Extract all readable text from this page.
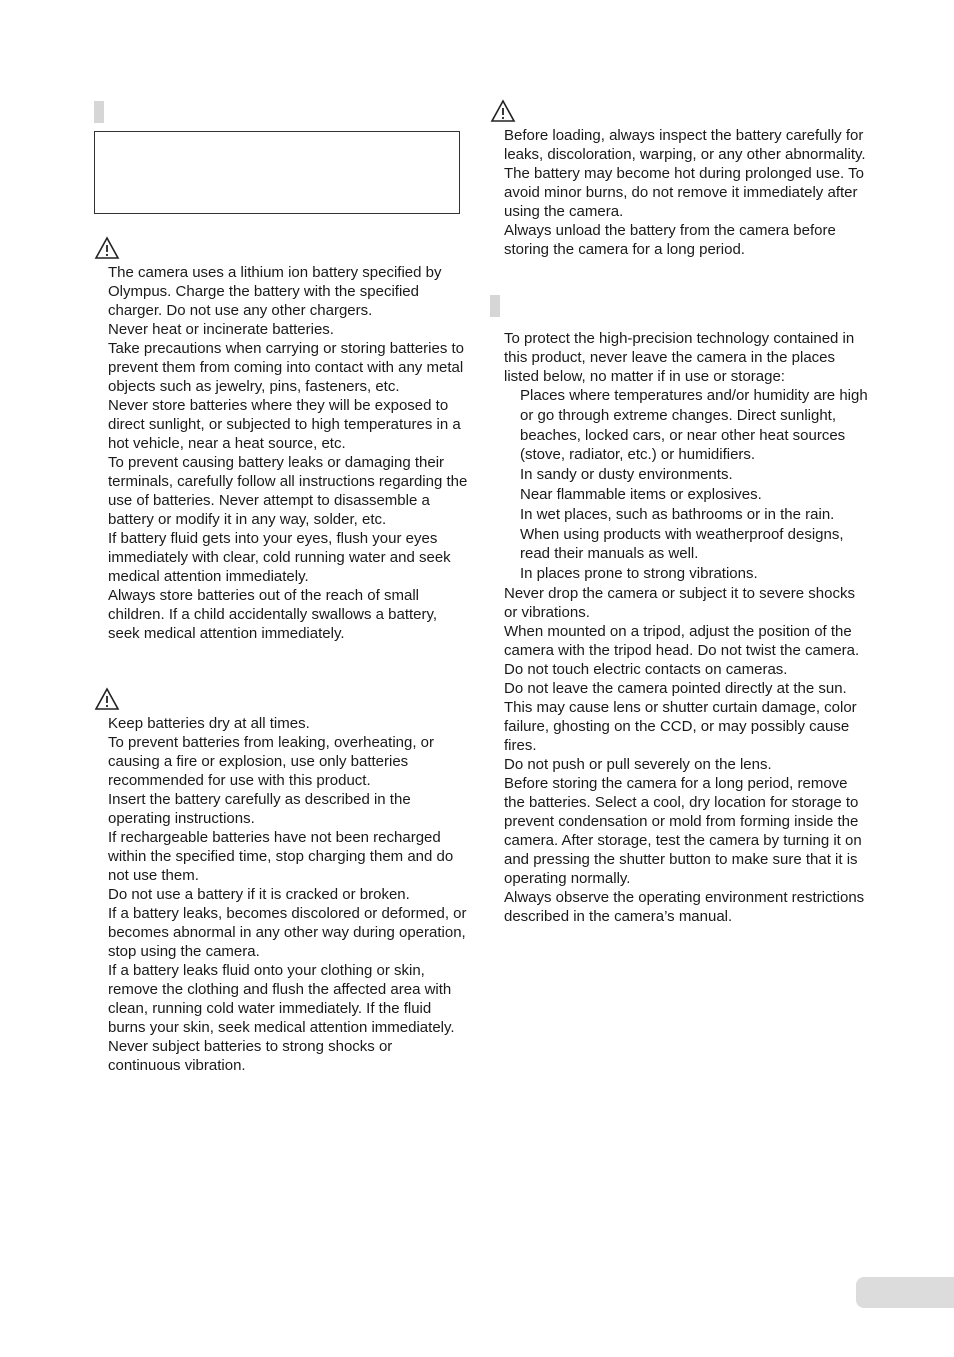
The camera uses a lithium ion battery specified by Olympus. Charge the battery with the specified charger. Do not use any other chargers.

Never heat or incinerate batteries.

Take precautions when carrying or storing batteries to prevent them from coming into contact with any metal objects such as jewelry, pins, fasteners, etc.

Never store batteries where they will be exposed to direct sunlight, or subjected to high temperatures in a hot vehicle, near a heat source, etc.

To prevent causing battery leaks or damaging their terminals, carefully follow all instructions regarding the use of batteries. Never attempt to disassemble a battery or modify it in any way, solder, etc.

If battery fluid gets into your eyes, flush your eyes immediately with clear, cold running water and seek medical attention immediately.

Always store batteries out of the reach of small children. If a child accidentally swallows a battery, seek medical attention immediately.

Keep batteries dry at all times.

To prevent batteries from leaking, overheating, or causing a fire or explosion, use only batteries recommended for use with this product.

Insert the battery carefully as described in the operating instructions.

If rechargeable batteries have not been recharged within the specified time, stop charging them and do not use them.

Do not use a battery if it is cracked or broken.

If a battery leaks, becomes discolored or deformed, or becomes abnormal in any other way during operation, stop using the camera.

If a battery leaks fluid onto your clothing or skin, remove the clothing and flush the affected area with clean, running cold water immediately. If the fluid burns your skin, seek medical attention immediately.

Never subject batteries to strong shocks or continuous vibration.

Before loading, always inspect the battery carefully for leaks, discoloration, warping, or any other abnormality.

The battery may become hot during prolonged use. To avoid minor burns, do not remove it immediately after using the camera.

Always unload the battery from the camera before storing the camera for a long period.

To protect the high-precision technology contained in this product, never leave the camera in the places listed below, no matter if in use or storage:

Places where temperatures and/or humidity are high or go through extreme changes. Direct sunlight, beaches, locked cars, or near other heat sources (stove, radiator, etc.) or humidifiers.

In sandy or dusty environments.

Near flammable items or explosives.

In wet places, such as bathrooms or in the rain. When using products with weatherproof designs, read their manuals as well.

In places prone to strong vibrations.

Never drop the camera or subject it to severe shocks or vibrations.

When mounted on a tripod, adjust the position of the camera with the tripod head. Do not twist the camera.

Do not touch electric contacts on cameras.

Do not leave the camera pointed directly at the sun. This may cause lens or shutter curtain damage, color failure, ghosting on the CCD, or may possibly cause fires.

Do not push or pull severely on the lens.

Before storing the camera for a long period, remove the batteries. Select a cool, dry location for storage to prevent condensation or mold from forming inside the camera. After storage, test the camera by turning it on and pressing the shutter button to make sure that it is operating normally.

Always observe the operating environment restrictions described in the camera’s manual.
